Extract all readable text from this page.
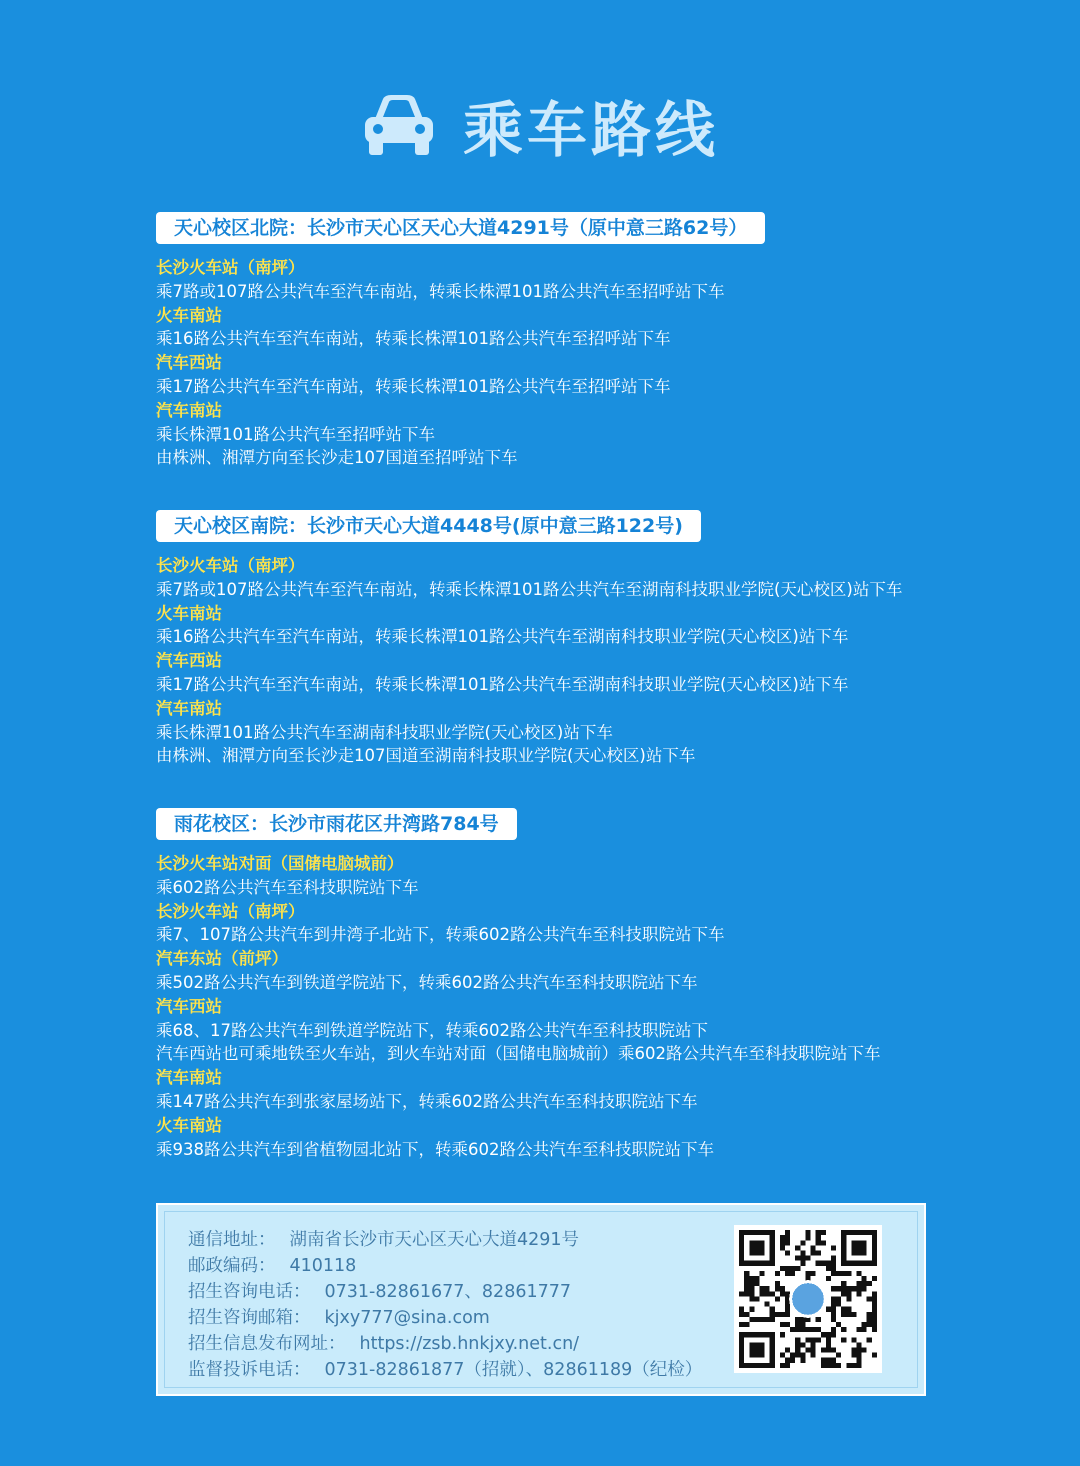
乘车路线
天心校区北院：长沙市天心区天心大道4291号（原中意三路62号）
长沙火车站（南坪）
乘7路或107路公共汽车至汽车南站，转乘长株潭101路公共汽车至招呼站下车
火车南站
乘16路公共汽车至汽车南站，转乘长株潭101路公共汽车至招呼站下车
汽车西站
乘17路公共汽车至汽车南站，转乘长株潭101路公共汽车至招呼站下车
汽车南站
乘长株潭101路公共汽车至招呼站下车
由株洲、湘潭方向至长沙走107国道至招呼站下车
天心校区南院：长沙市天心大道4448号(原中意三路122号)
长沙火车站（南坪）
乘7路或107路公共汽车至汽车南站，转乘长株潭101路公共汽车至湖南科技职业学院(天心校区)站下车
火车南站
乘16路公共汽车至汽车南站，转乘长株潭101路公共汽车至湖南科技职业学院(天心校区)站下车
汽车西站
乘17路公共汽车至汽车南站，转乘长株潭101路公共汽车至湖南科技职业学院(天心校区)站下车
汽车南站
乘长株潭101路公共汽车至湖南科技职业学院(天心校区)站下车
由株洲、湘潭方向至长沙走107国道至湖南科技职业学院(天心校区)站下车
雨花校区：长沙市雨花区井湾路784号
长沙火车站对面（国储电脑城前）
乘602路公共汽车至科技职院站下车
长沙火车站（南坪）
乘7、107路公共汽车到井湾子北站下，转乘602路公共汽车至科技职院站下车
汽车东站（前坪）
乘502路公共汽车到铁道学院站下，转乘602路公共汽车至科技职院站下车
汽车西站
乘68、17路公共汽车到铁道学院站下，转乘602路公共汽车至科技职院站下
汽车西站也可乘地铁至火车站，到火车站对面（国储电脑城前）乘602路公共汽车至科技职院站下车
汽车南站
乘147路公共汽车到张家屋场站下，转乘602路公共汽车至科技职院站下车
火车南站
乘938路公共汽车到省植物园北站下，转乘602路公共汽车至科技职院站下车
通信地址： 湖南省长沙市天心区天心大道4291号
邮政编码： 410118
招生咨询电话： 0731-82861677、82861777
招生咨询邮箱： kjxy777@sina.com
招生信息发布网址： https://zsb.hnkjxy.net.cn/
监督投诉电话： 0731-82861877（招就）、82861189（纪检）
